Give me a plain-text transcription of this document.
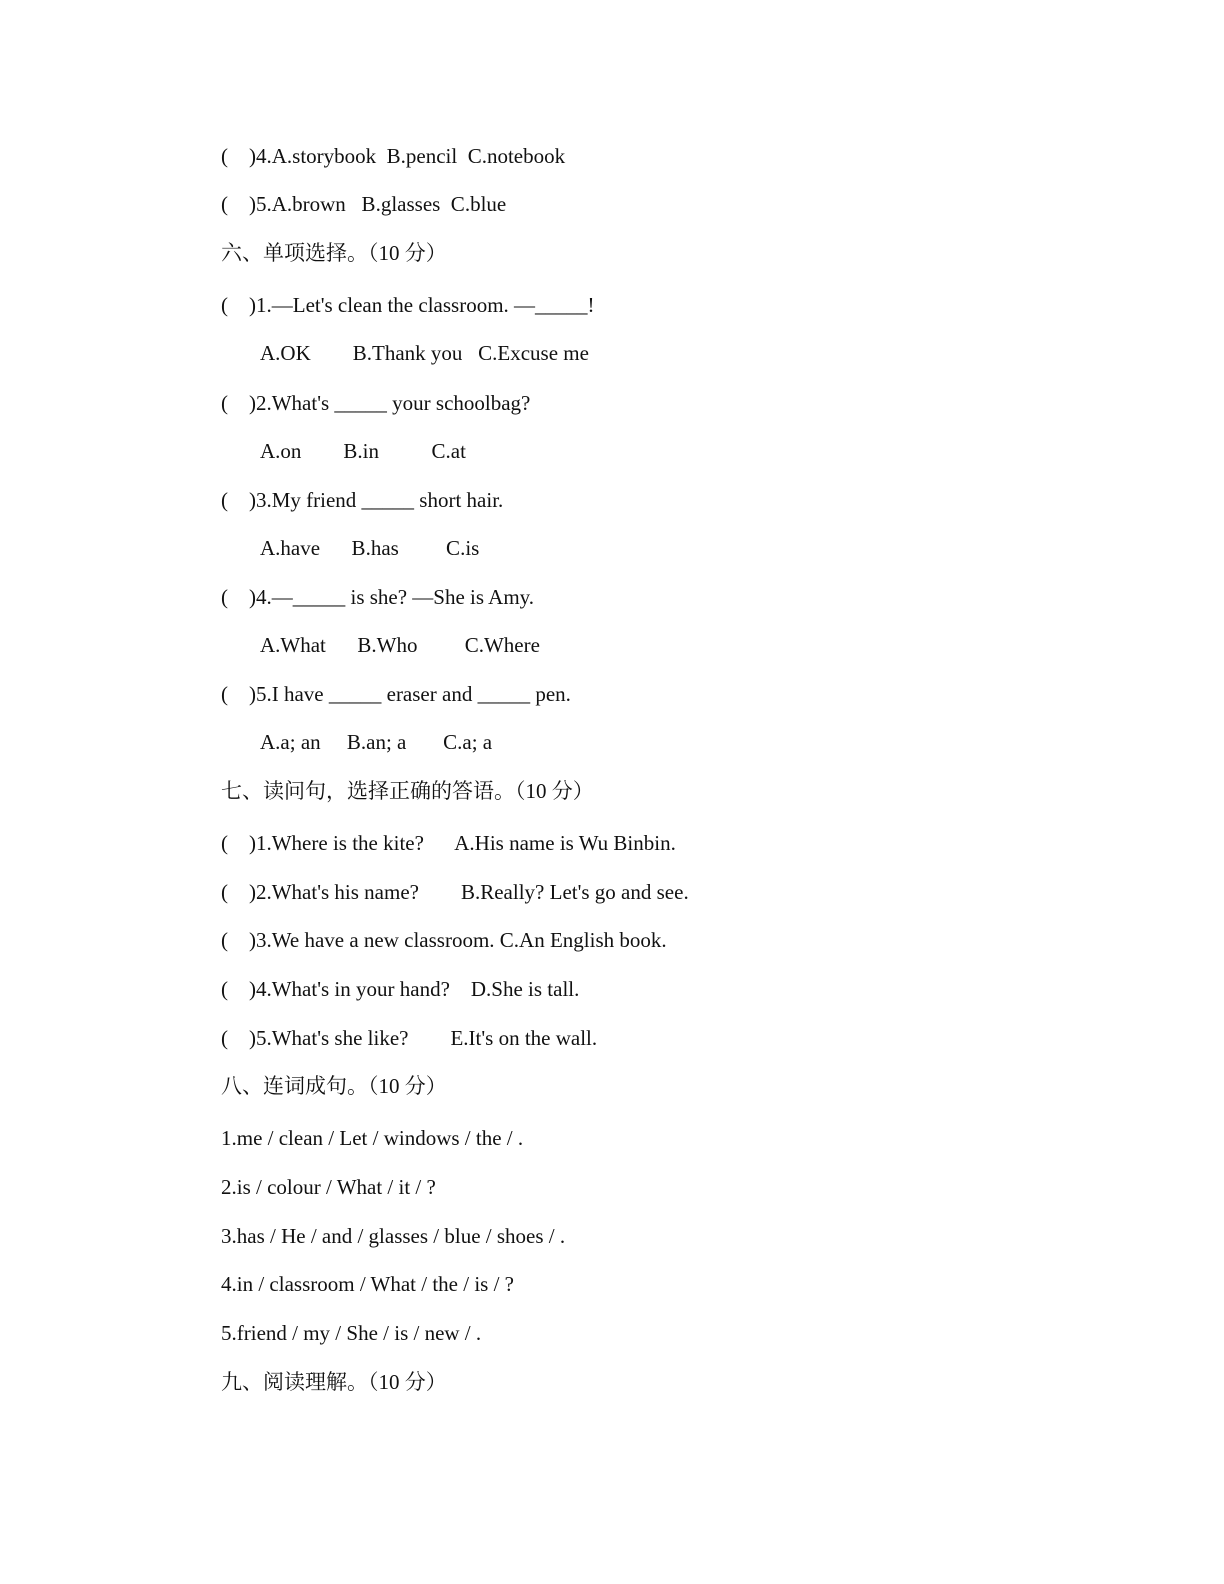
(    )4.A.storybook  B.pencil  C.notebook
(    )5.A.brown   B.glasses  C.blue
六、单项选择。（10 分）
(    )1.—Let's clean the classroom. —_____!
A.OK        B.Thank you   C.Excuse me
(    )2.What's _____ your schoolbag?
A.on        B.in          C.at
(    )3.My friend _____ short hair.
A.have      B.has         C.is
(    )4.—_____ is she? —She is Amy.
A.What      B.Who         C.Where
(    )5.I have _____ eraser and _____ pen.
A.a; an     B.an; a       C.a; a
七、读问句，选择正确的答语。（10 分）
(    )1.Where is the kite?      A.His name is Wu Binbin.
(    )2.What's his name?        B.Really? Let's go and see.
(    )3.We have a new classroom. C.An English book.
(    )4.What's in your hand?    D.She is tall.
(    )5.What's she like?        E.It's on the wall.
八、连词成句。（10 分）
1.me / clean / Let / windows / the / .
2.is / colour / What / it / ?
3.has / He / and / glasses / blue / shoes / .
4.in / classroom / What / the / is / ?
5.friend / my / She / is / new / .
九、阅读理解。（10 分）
